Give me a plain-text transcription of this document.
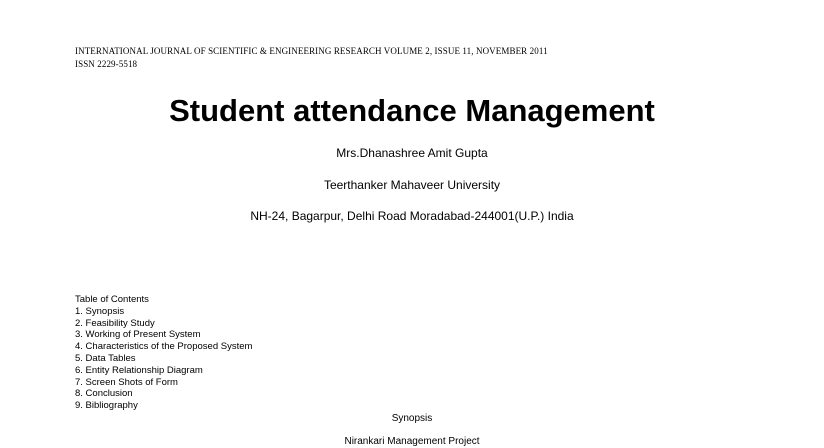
INTERNATIONAL JOURNAL OF SCIENTIFIC & ENGINEERING RESEARCH VOLUME 2, ISSUE 11, NOVEMBER 2011
ISSN 2229-5518
Student attendance Management
Mrs.Dhanashree Amit Gupta
Teerthanker Mahaveer University
NH-24, Bagarpur, Delhi Road Moradabad-244001(U.P.) India
Table of Contents
1. Synopsis
2. Feasibility Study
3. Working of Present System
4. Characteristics of the Proposed System
5. Data Tables
6. Entity Relationship Diagram
7. Screen Shots of Form
8. Conclusion
9. Bibliography
Synopsis
Nirankari Management Project
